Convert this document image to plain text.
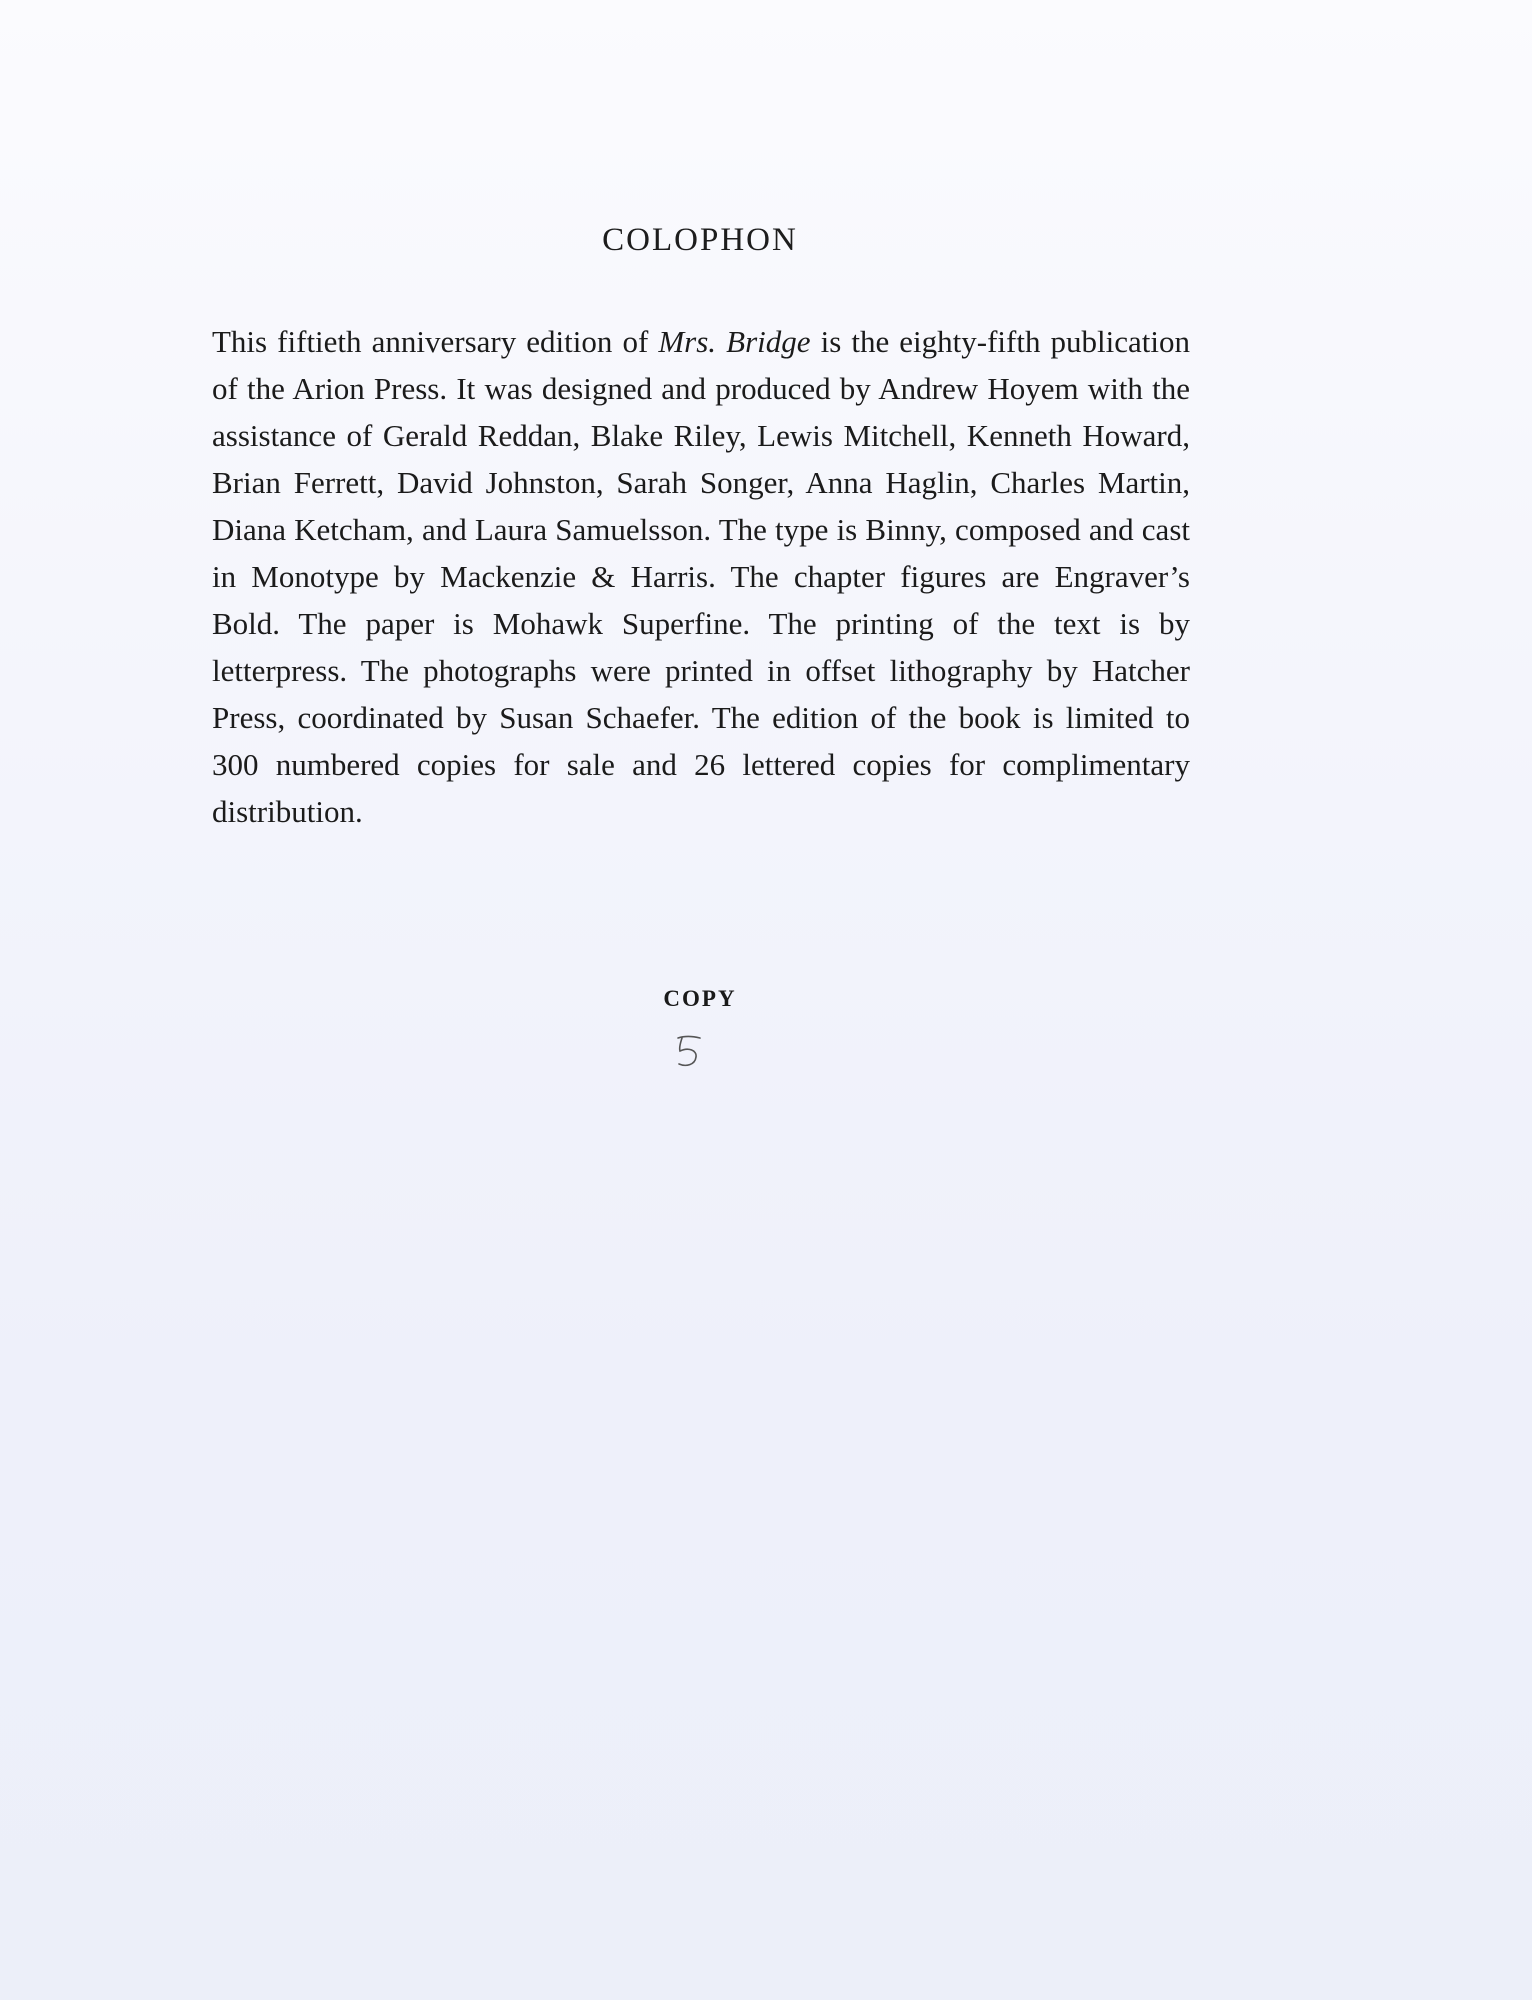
COLOPHON

This fiftieth anniversary edition of Mrs. Bridge is the eighty-fifth publication of the Arion Press. It was designed and produced by Andrew Hoyem with the assistance of Gerald Reddan, Blake Riley, Lewis Mitchell, Kenneth Howard, Brian Ferrett, David Johnston, Sarah Songer, Anna Haglin, Charles Martin, Diana Ketcham, and Laura Samuelsson. The type is Binny, composed and cast in Monotype by Mackenzie & Harris. The chapter figures are Engraver’s Bold. The paper is Mohawk Superfine. The printing of the text is by letterpress. The photographs were printed in offset lithography by Hatcher Press, coordinated by Susan Schaefer. The edition of the book is limited to 300 numbered copies for sale and 26 lettered copies for complimentary distribution.

COPY
